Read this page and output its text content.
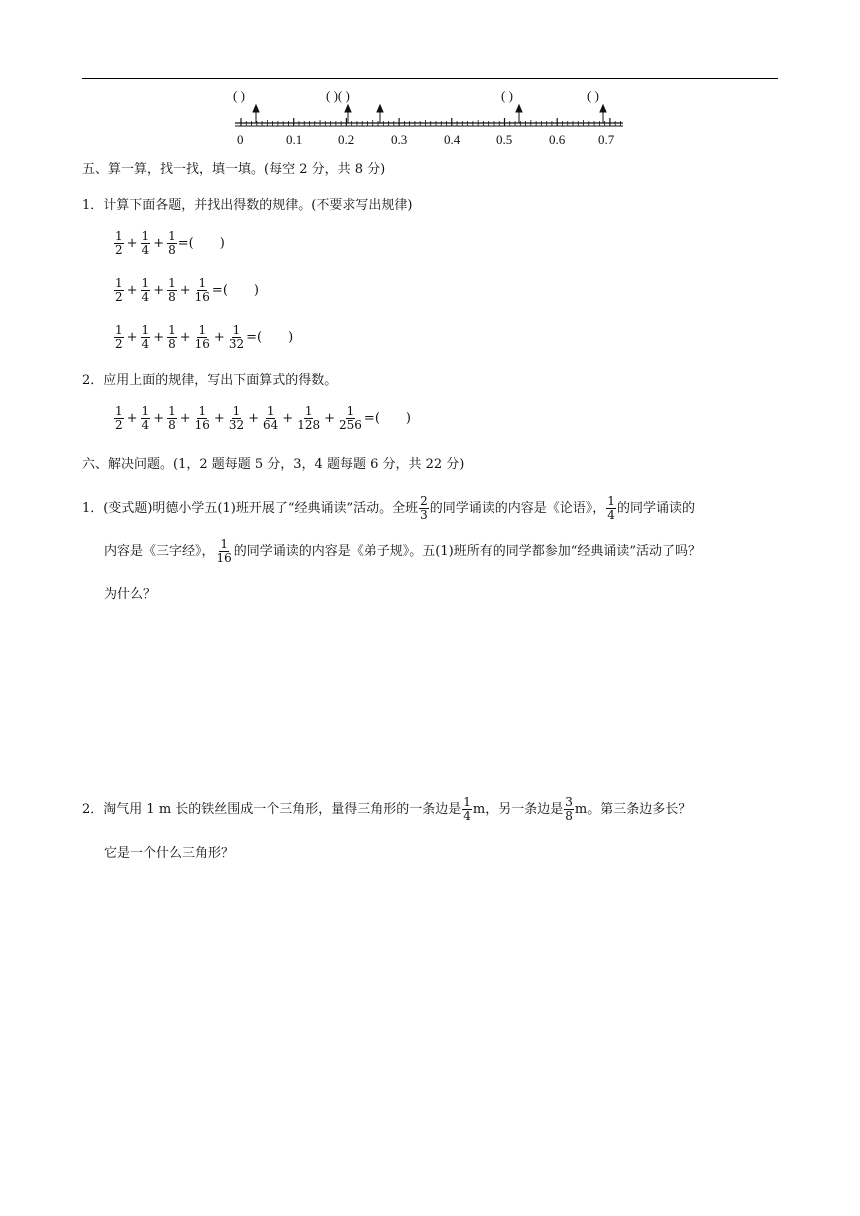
( )	( )( )	( )	( )
0	0.1	0.2	0.3	0.4	0.5	0.6	0.7
五、算一算，找一找，填一填。(每空 2 分，共 8 分)
1．计算下面各题，并找出得数的规律。(不要求写出规律)
$\frac{1}{2} + \frac{1}{4} + \frac{1}{8}$ = ( )
$\frac{1}{2} + \frac{1}{4} + \frac{1}{8} + \frac{1}{16}$ = ( )
$\frac{1}{2} + \frac{1}{4} + \frac{1}{8} + \frac{1}{16} + \frac{1}{32}$ = ( )
2．应用上面的规律，写出下面算式的得数。
$\frac{1}{2} + \frac{1}{4} + \frac{1}{8} + \frac{1}{16} + \frac{1}{32} + \frac{1}{64} + \frac{1}{128} + \frac{1}{256}$ = ( )
六、解决问题。(1，2 题每题 5 分，3，4 题每题 6 分，共 22 分)
1． (变式题)明德小学五(1)班开展了“经典诵读”活动。全班 $\frac{2}{3}$ 的同学诵读的内容是《论语》， $\frac{1}{4}$ 的同学诵读的
内容是《三字经》， $\frac{1}{16}$ 的同学诵读的内容是《弟子规》。五(1)班所有的同学都参加“经典诵读”活动了吗？
为什么？
2． 淘气用 1 m 长的铁丝围成一个三角形，量得三角形的一条边是 $\frac{1}{4}$ m，另一条边是 $\frac{3}{8}$ m。第三条边多长？
它是一个什么三角形？
